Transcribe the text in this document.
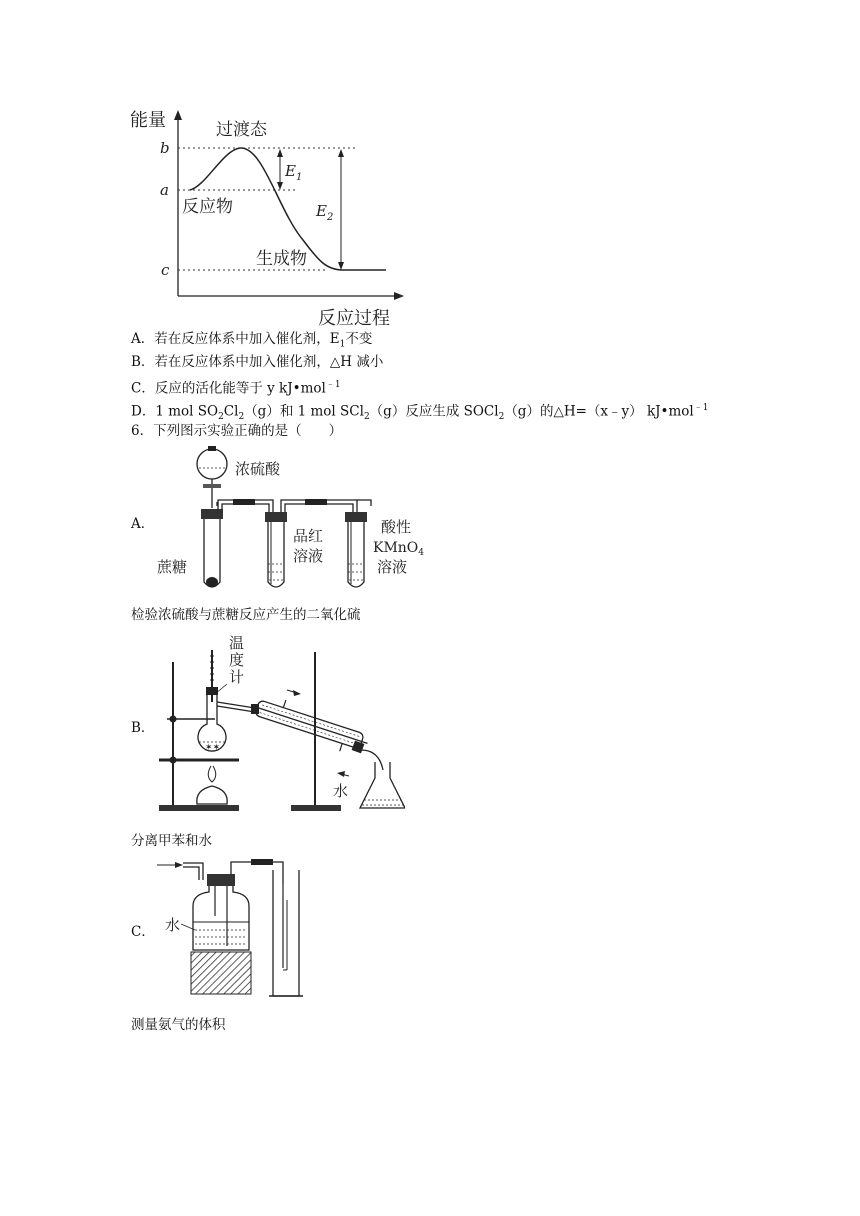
能量
反应过程
b
a
c
过渡态
反应物
生成物
$E_1$
$E_2$
A．若在反应体系中加入催化剂，$E_1$不变
B．若在反应体系中加入催化剂，△H 减小
C．反应的活化能等于 y kJ•mol$^{﹣1}$
D．1 mol $SO_2Cl_2(g)$和 1 mol SCl$_2$（g）反应生成 SOCl$_2$（g）的△H=（x﹣y） kJ•mol$^{﹣1}$
6．下列图示实验正确的是（　　）
A．
浓硫酸
蔗糖
品红
溶液
酸性
KMnO$_4$
溶液
检验浓硫酸与蔗糖反应产生的二氧化硫
B．
温
度
计
✶✶
水
分离甲苯和水
C． 水
测量氨气的体积
